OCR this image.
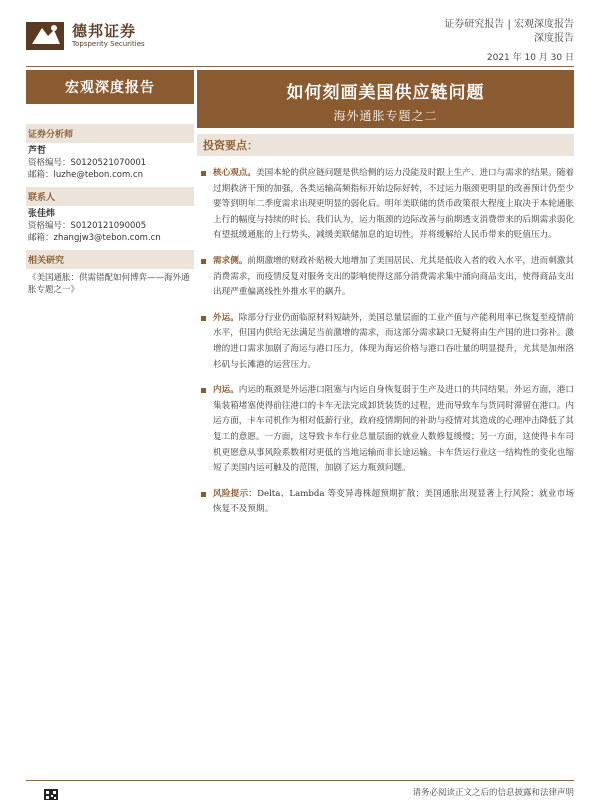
德邦证券
Topsperity Securities
证券研究报告 | 宏观深度报告
深度报告
2021 年 10 月 30 日
宏观深度报告	如何刻画美国供应链问题
海外通胀专题之二
证券分析师
芦哲
资格编号：S0120521070001
邮箱：luzhe@tebon.com.cn
联系人
张佳炜
资格编号：S0120121090005
邮箱：zhangjw3@tebon.com.cn
相关研究
《美国通胀：供需错配如何博弈——海外通胀专题之一》
投资要点：
核心观点。美国本轮的供应链问题是供给侧的运力没能及时跟上生产、进口与需求的结果。随着过期救济干预的加强，各类运输高频指标开始边际好转，不过运力瓶颈更明显的改善预计仍至少要等到明年二季度需求出现更明显的弱化后。明年美联储的货币政策很大程度上取决于本轮通胀上行的幅度与持续的时长。我们认为，运力瓶颈的边际改善与前期透支消费带来的后期需求弱化有望抵缓通胀的上行势头，减缓美联储加息的迫切性，并将缓解给人民币带来的贬值压力。
需求侧。前期激增的财政补贴极大地增加了美国居民、尤其是低收入者的收入水平，进而刺激其消费需求，而疫情反复对服务支出的影响使得这部分消费需求集中涌向商品支出，使得商品支出出现严重偏离线性外推水平的飙升。
外运。除部分行业仍面临原材料短缺外，美国总量层面的工业产值与产能利用率已恢复至疫情前水平，但国内供给无法满足当前激增的需求，而这部分需求缺口无疑将由生产国的进口弥补。激增的进口需求加剧了海运与港口压力，体现为海运价格与港口吞吐量的明显提升，尤其是加州洛杉矶与长滩港的运营压力。
内运。内运的瓶颈是外运港口阻塞与内运自身恢复弱于生产及进口的共同结果。外运方面，港口集装箱堵塞使得前往港口的卡车无法完成卸货装货的过程，进而导致车与货同时滞留在港口。内运方面，卡车司机作为相对低薪行业，政府疫情期间的补助与疫情对其造成的心理冲击降低了其复工的意愿。一方面，这导致卡车行业总量层面的就业人数修复缓慢；另一方面，这使得卡车司机更愿意从事风险系数相对更低的当地运输而非长途运输。卡车货运行业这一结构性的变化也缩短了美国内运可触及的范围，加剧了运力瓶颈问题。
风险提示：Delta、Lambda 等变异毒株超预期扩散；美国通胀出现显著上行风险；就业市场恢复不及预期。
请务必阅读正文之后的信息披露和法律声明
